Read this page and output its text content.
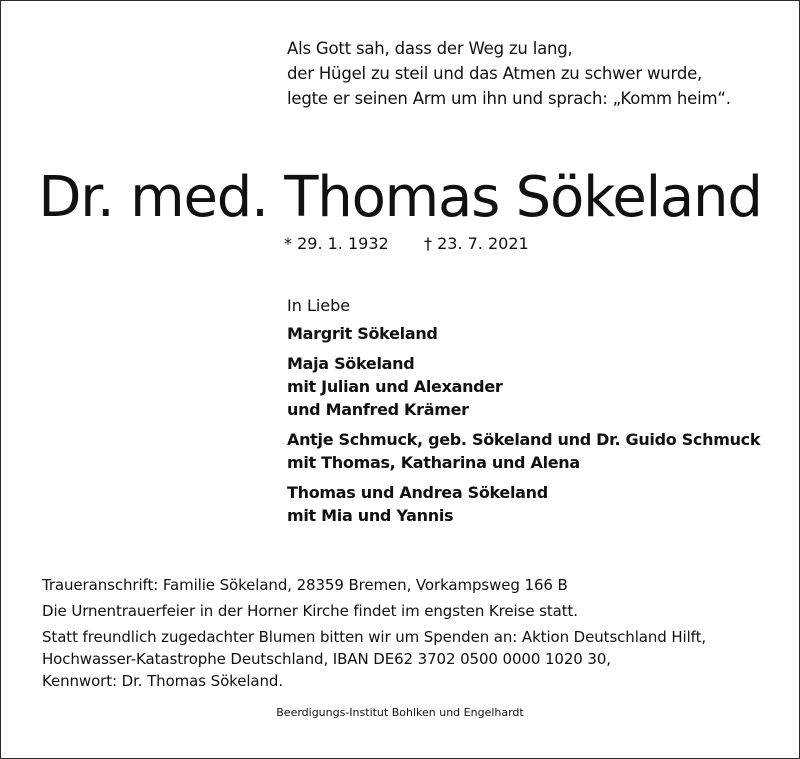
Als Gott sah, dass der Weg zu lang,
der Hügel zu steil und das Atmen zu schwer wurde,
legte er seinen Arm um ihn und sprach: „Komm heim“.
Dr. med. Thomas Sökeland
* 29. 1. 1932 † 23. 7. 2021
In Liebe
Margrit Sökeland
Maja Sökeland
mit Julian und Alexander
und Manfred Krämer
Antje Schmuck, geb. Sökeland und Dr. Guido Schmuck
mit Thomas, Katharina und Alena
Thomas und Andrea Sökeland
mit Mia und Yannis
Traueranschrift: Familie Sökeland, 28359 Bremen, Vorkampsweg 166 B
Die Urnentrauerfeier in der Horner Kirche findet im engsten Kreise statt.
Statt freundlich zugedachter Blumen bitten wir um Spenden an: Aktion Deutschland Hilft,
Hochwasser-Katastrophe Deutschland, IBAN DE62 3702 0500 0000 1020 30,
Kennwort: Dr. Thomas Sökeland.
Beerdigungs-Institut Bohlken und Engelhardt
